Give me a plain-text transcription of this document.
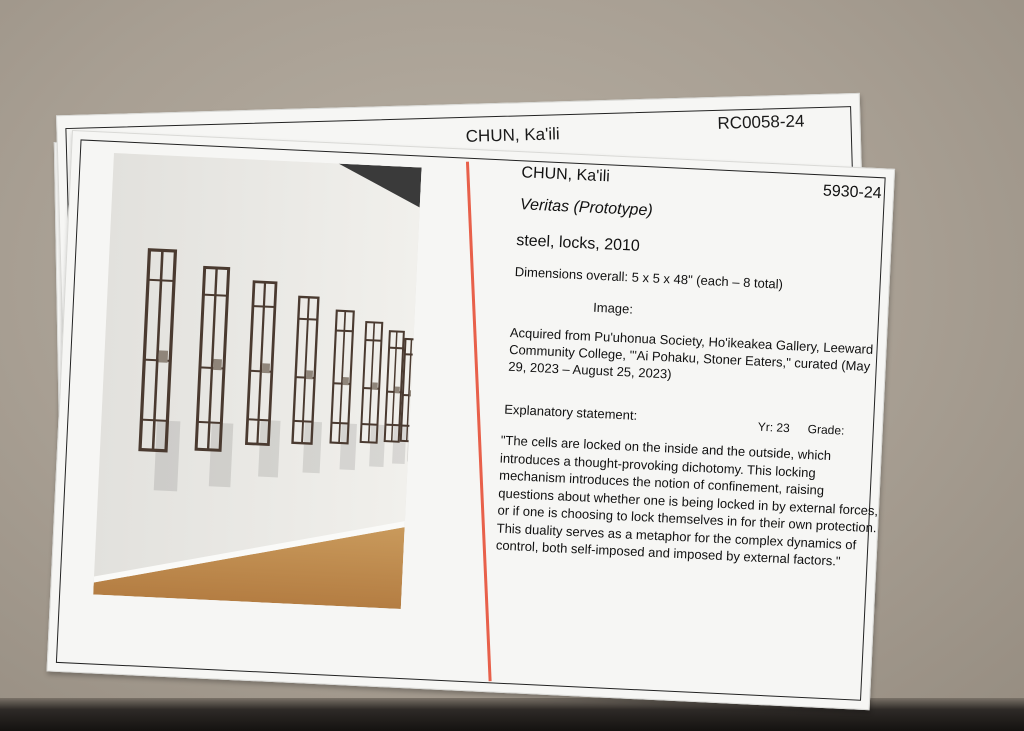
CHUN, Ka'ili
RC0058-24
CHUN, Ka'ili
5930-24
Veritas (Prototype)
steel, locks, 2010
Dimensions overall: 5 x 5 x 48" (each – 8 total)
Image:
Acquired from Pu'uhonua Society, Ho'ikeakea Gallery, Leeward Community College, "'Ai Pohaku, Stoner Eaters," curated (May 29, 2023 – August 25, 2023)
Explanatory statement:
Yr: 23 Grade:
"The cells are locked on the inside and the outside, which introduces a thought-provoking dichotomy. This locking mechanism introduces the notion of confinement, raising questions about whether one is being locked in by external forces, or if one is choosing to lock themselves in for their own protection. This duality serves as a metaphor for the complex dynamics of control, both self-imposed and imposed by external factors."
